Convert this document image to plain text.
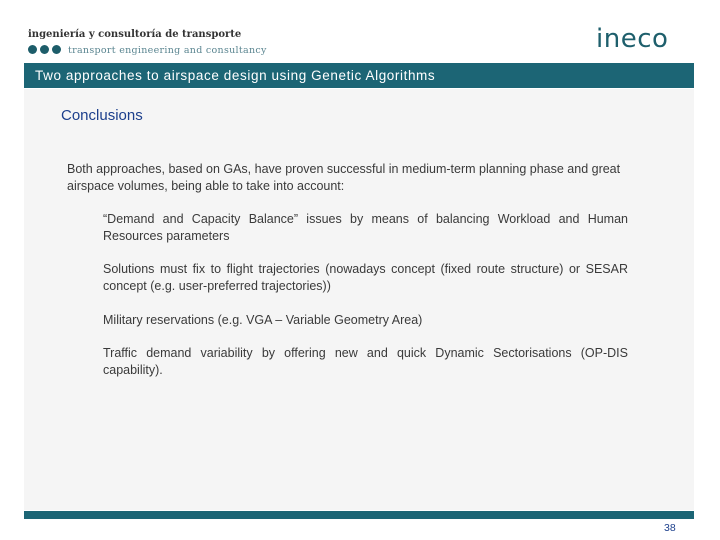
ingeniería y consultoría de transporte
transport engineering and consultancy	ineco
Two approaches to airspace design using Genetic Algorithms
Conclusions
Both approaches, based on GAs, have proven successful in medium-term planning phase and great airspace volumes, being able to take into account:
“Demand and Capacity Balance” issues by means of balancing Workload and Human Resources parameters
Solutions must fix to flight trajectories (nowadays concept (fixed route structure) or SESAR concept (e.g. user-preferred trajectories))
Military reservations (e.g. VGA – Variable Geometry Area)
Traffic demand variability by offering new and quick Dynamic Sectorisations (OP-DIS capability).
38
